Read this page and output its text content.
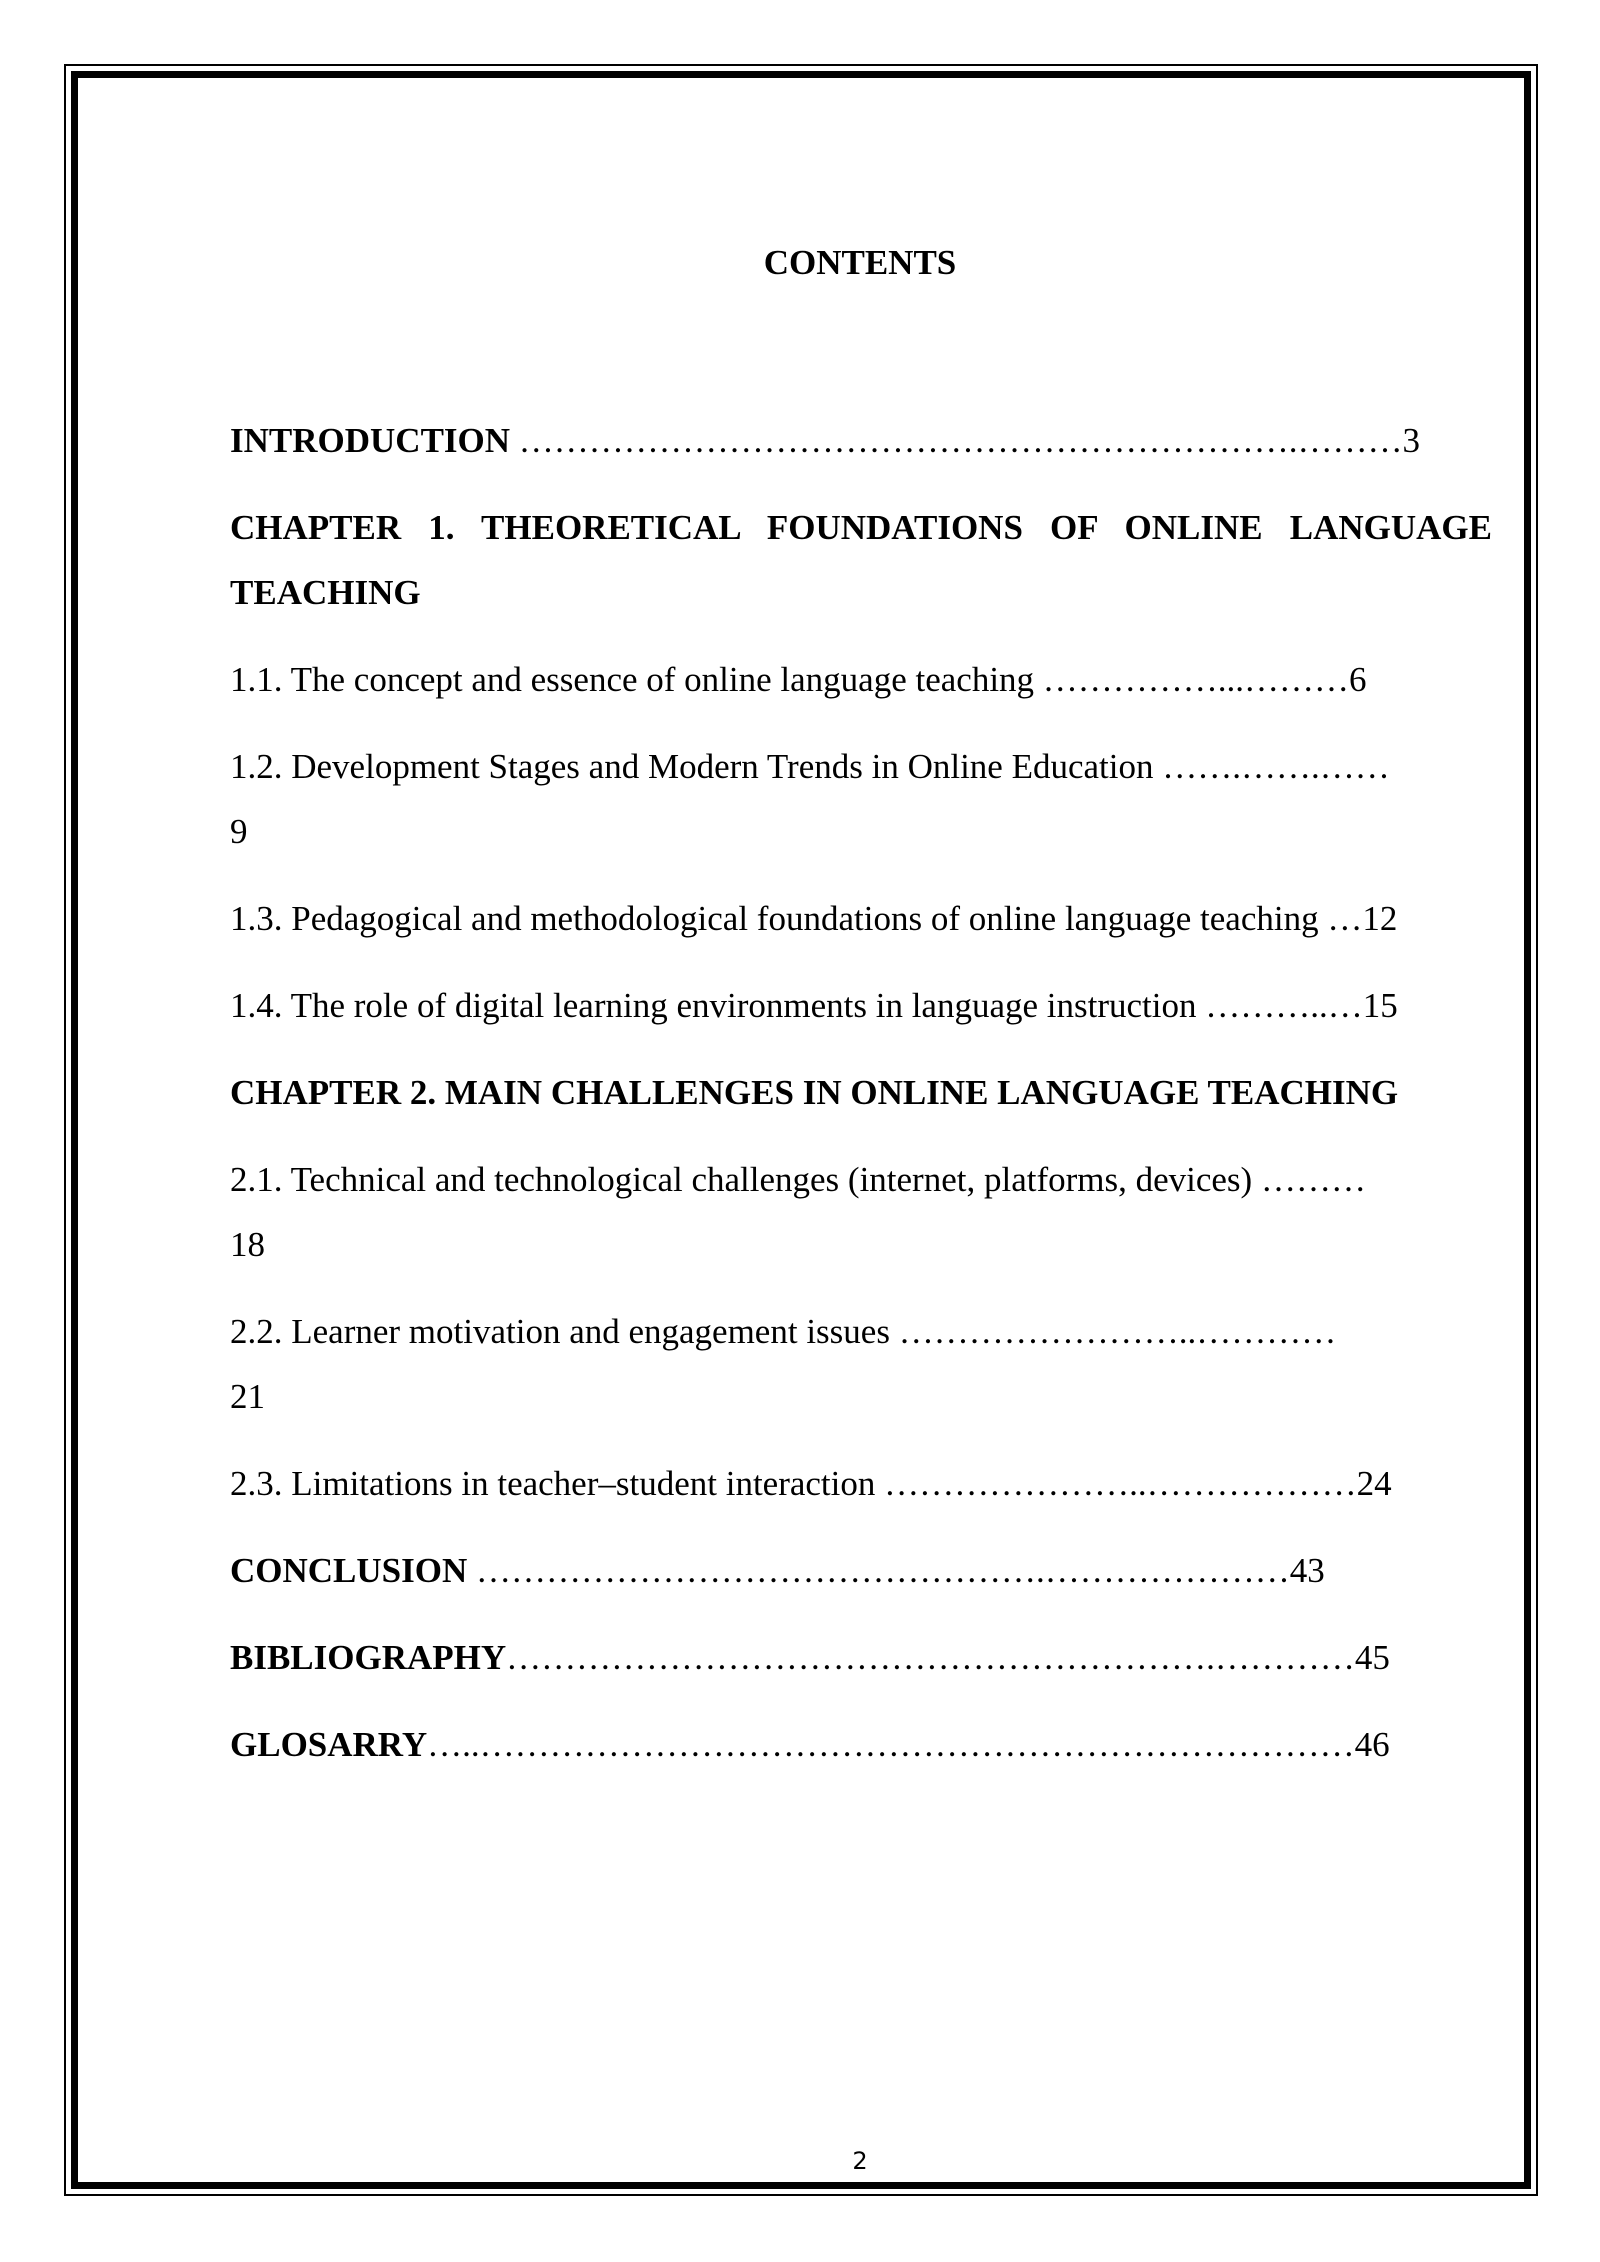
CONTENTS

INTRODUCTION ………………………………………………………….………3

CHAPTER 1. THEORETICAL FOUNDATIONS OF ONLINE LANGUAGE TEACHING

1.1. The concept and essence of online language teaching ……………...………6

1.2. Development Stages and Modern Trends in Online Education …….…….……
9

1.3. Pedagogical and methodological foundations of online language teaching …12

1.4. The role of digital learning environments in language instruction ………..…15

CHAPTER 2. MAIN CHALLENGES IN ONLINE LANGUAGE TEACHING

2.1. Technical and technological challenges (internet, platforms, devices) ………
18

2.2. Learner motivation and engagement issues ……………………..…………
21

2.3. Limitations in teacher–student interaction …………………..………………24

CONCLUSION ………………………………………….…………………43

BIBLIOGRAPHY…………………………………………………….…………45

GLOSARRY…..…………………………………………………………………46

2
